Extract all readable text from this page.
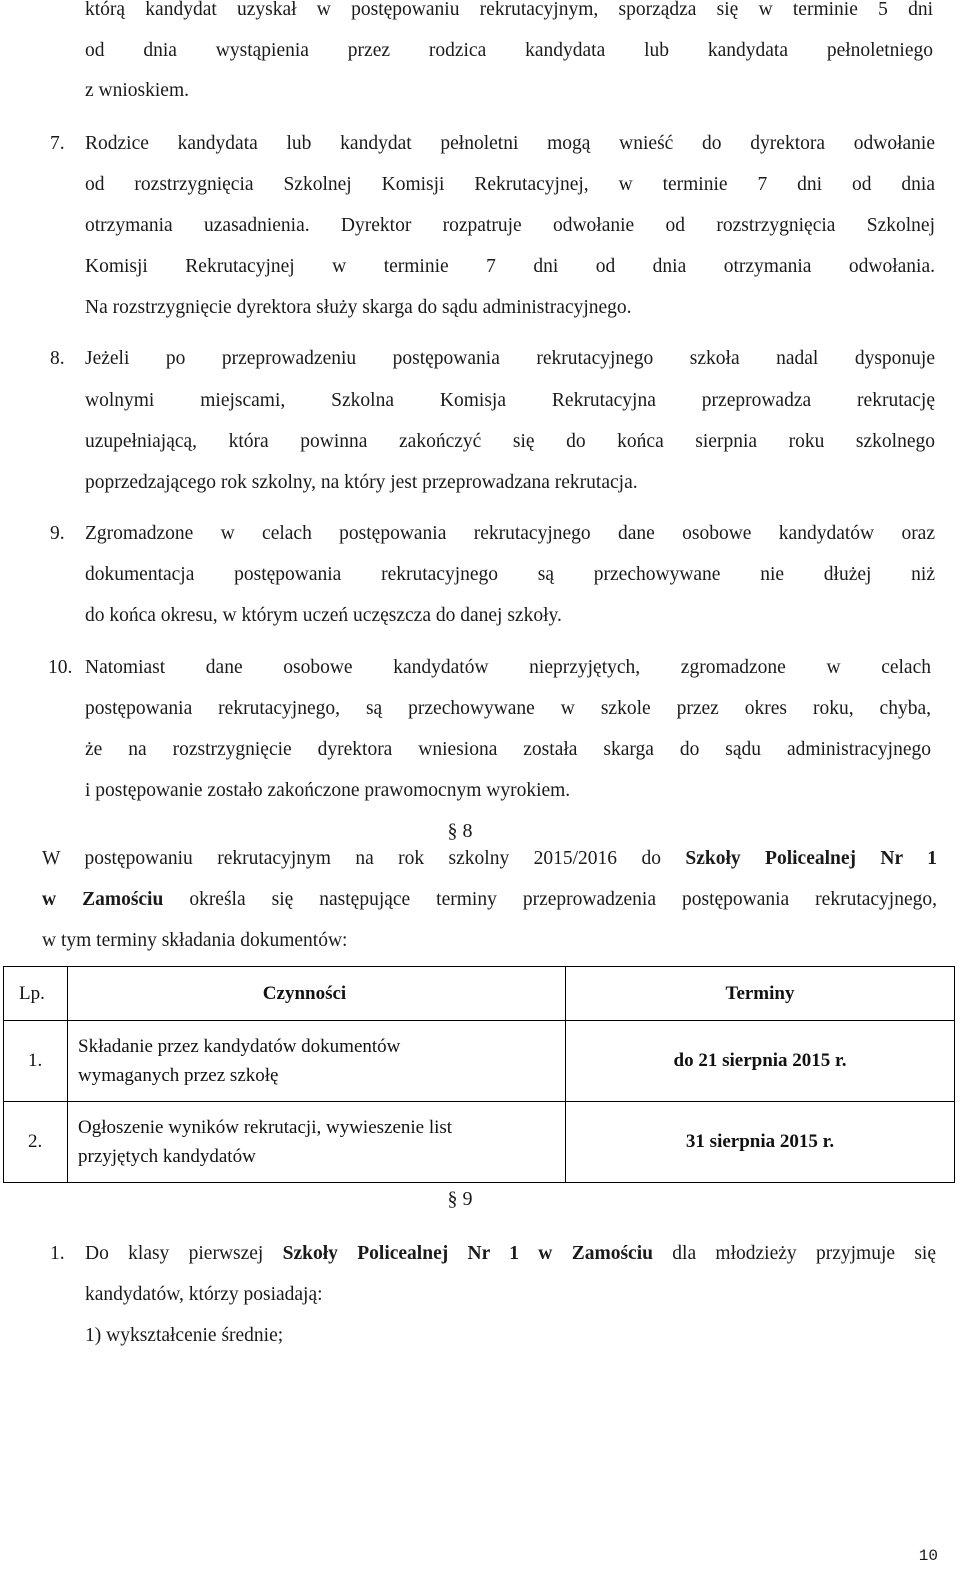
którą kandydat uzyskał w postępowaniu rekrutacyjnym, sporządza się w terminie 5 dni
od dnia wystąpienia przez rodzica kandydata lub kandydata pełnoletniego
z wnioskiem.
7. Rodzice kandydata lub kandydat pełnoletni mogą wnieść do dyrektora odwołanie
od rozstrzygnięcia Szkolnej Komisji Rekrutacyjnej, w terminie 7 dni od dnia
otrzymania uzasadnienia. Dyrektor rozpatruje odwołanie od rozstrzygnięcia Szkolnej
Komisji Rekrutacyjnej w terminie 7 dni od dnia otrzymania odwołania.
Na rozstrzygnięcie dyrektora służy skarga do sądu administracyjnego.
8. Jeżeli po przeprowadzeniu postępowania rekrutacyjnego szkoła nadal dysponuje
wolnymi miejscami, Szkolna Komisja Rekrutacyjna przeprowadza rekrutację
uzupełniającą, która powinna zakończyć się do końca sierpnia roku szkolnego
poprzedzającego rok szkolny, na który jest przeprowadzana rekrutacja.
9. Zgromadzone w celach postępowania rekrutacyjnego dane osobowe kandydatów oraz
dokumentacja postępowania rekrutacyjnego są przechowywane nie dłużej niż
do końca okresu, w którym uczeń uczęszcza do danej szkoły.
10. Natomiast dane osobowe kandydatów nieprzyjętych, zgromadzone w celach
postępowania rekrutacyjnego, są przechowywane w szkole przez okres roku, chyba,
że na rozstrzygnięcie dyrektora wniesiona została skarga do sądu administracyjnego
i postępowanie zostało zakończone prawomocnym wyrokiem.
§ 8
W postępowaniu rekrutacyjnym na rok szkolny 2015/2016 do Szkoły Policealnej Nr 1
w Zamościu określa się następujące terminy przeprowadzenia postępowania rekrutacyjnego,
w tym terminy składania dokumentów:
Lp.	Czynności	Terminy
1.	Składanie przez kandydatów dokumentów
wymaganych przez szkołę	do 21 sierpnia 2015 r.
2.	Ogłoszenie wyników rekrutacji, wywieszenie list
przyjętych kandydatów	31 sierpnia 2015 r.
§ 9
1. Do klasy pierwszej Szkoły Policealnej Nr 1 w Zamościu dla młodzieży przyjmuje się
kandydatów, którzy posiadają:
1) wykształcenie średnie;
10
